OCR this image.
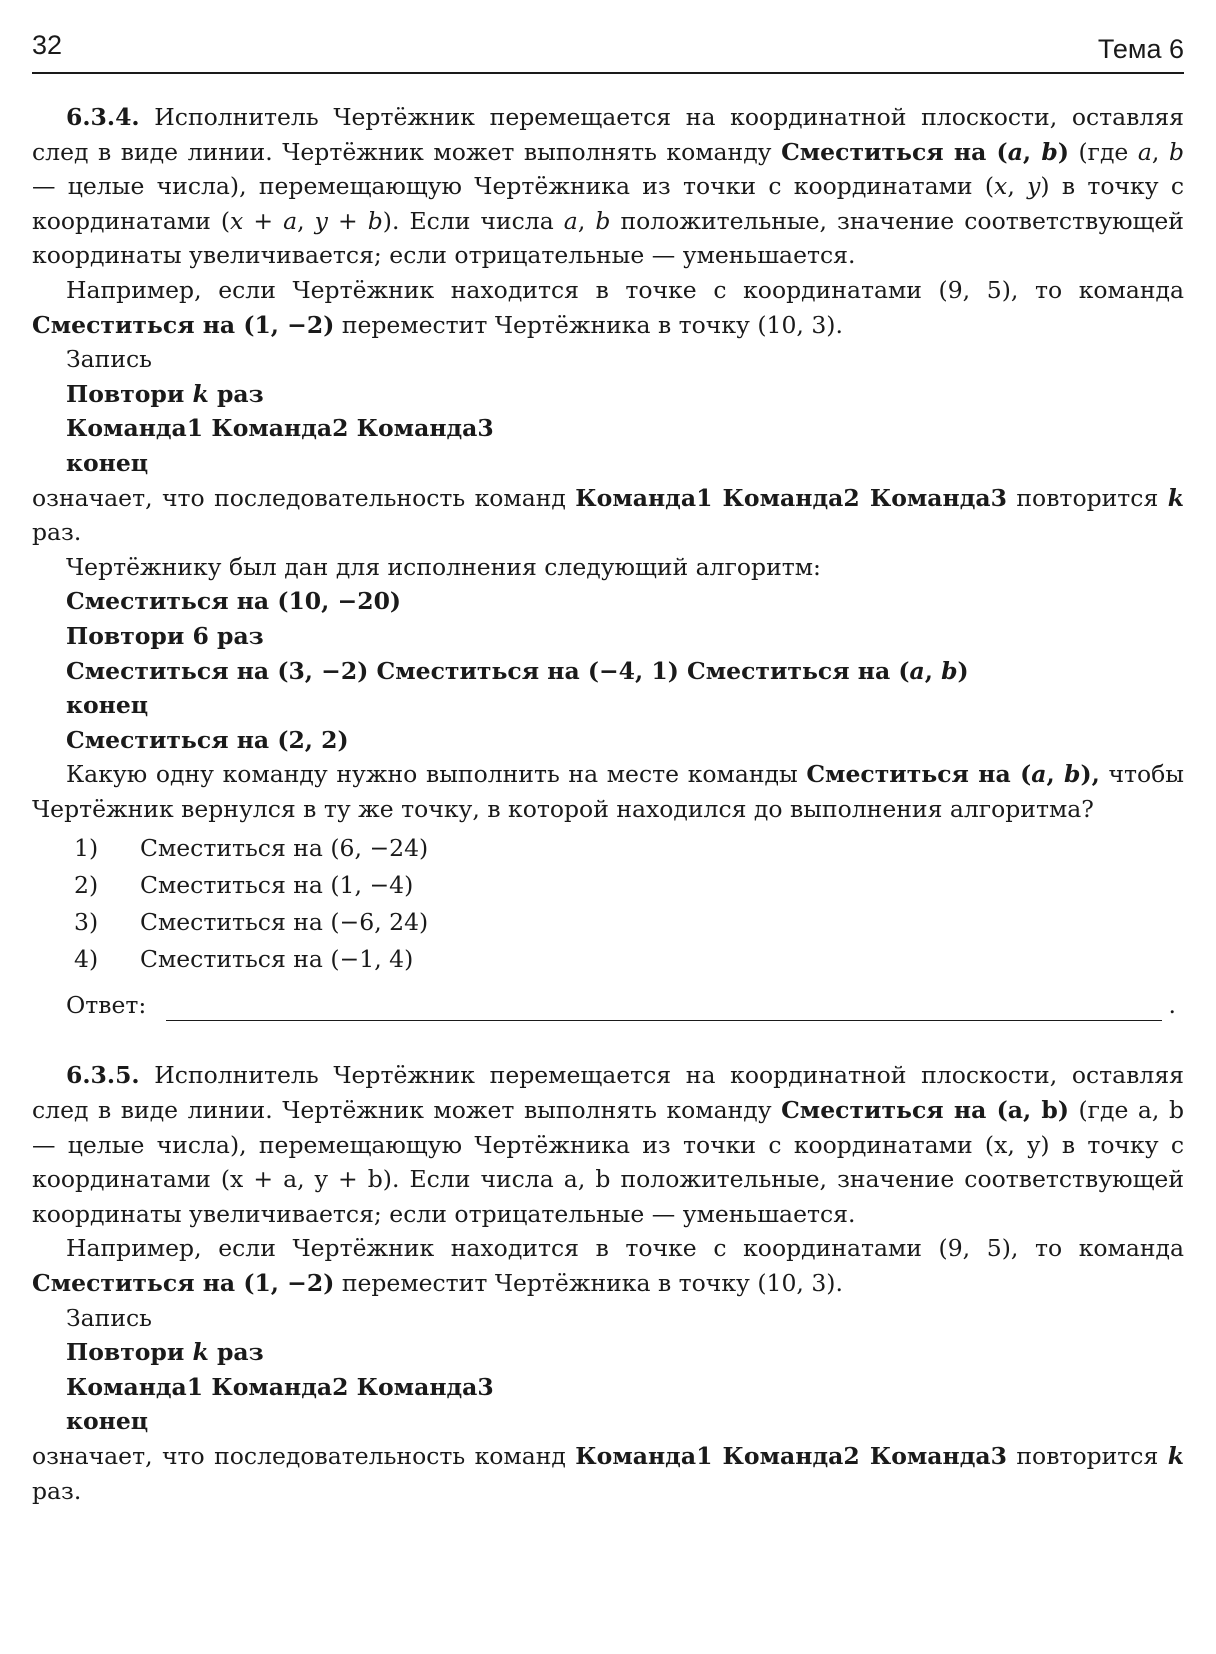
32	Тема 6

6.3.4. Исполнитель Чертёжник перемещается на координатной плоскости, оставляя след в виде линии. Чертёжник может выполнять команду Сместиться на (a, b) (где a, b — целые числа), перемещающую Чертёжника из точки с координатами (x, y) в точку с координатами (x + a, y + b). Если числа a, b положительные, значение соответствующей координаты увеличивается; если отрицательные — уменьшается.

Например, если Чертёжник находится в точке с координатами (9, 5), то команда Сместиться на (1, −2) переместит Чертёжника в точку (10, 3).

Запись

Повтори k раз

Команда1 Команда2 Команда3

конец

означает, что последовательность команд Команда1 Команда2 Команда3 повторится k раз.

Чертёжнику был дан для исполнения следующий алгоритм:

Сместиться на (10, −20)

Повтори 6 раз

Сместиться на (3, −2) Сместиться на (−4, 1) Сместиться на (a, b)

конец

Сместиться на (2, 2)

Какую одну команду нужно выполнить на месте команды Сместиться на (a, b), чтобы Чертёжник вернулся в ту же точку, в которой находился до выполнения алгоритма?

1) Сместиться на (6, −24)
2) Сместиться на (1, −4)
3) Сместиться на (−6, 24)
4) Сместиться на (−1, 4)
Ответ:	.

6.3.5. Исполнитель Чертёжник перемещается на координатной плоскости, оставляя след в виде линии. Чертёжник может выполнять команду Сместиться на (a, b) (где a, b — целые числа), перемещающую Чертёжника из точки с координатами (x, y) в точку с координатами (x + a, y + b). Если числа a, b положительные, значение соответствующей координаты увеличивается; если отрицательные — уменьшается.

Например, если Чертёжник находится в точке с координатами (9, 5), то команда Сместиться на (1, −2) переместит Чертёжника в точку (10, 3).

Запись

Повтори k раз

Команда1 Команда2 Команда3

конец

означает, что последовательность команд Команда1 Команда2 Команда3 повторится k раз.
